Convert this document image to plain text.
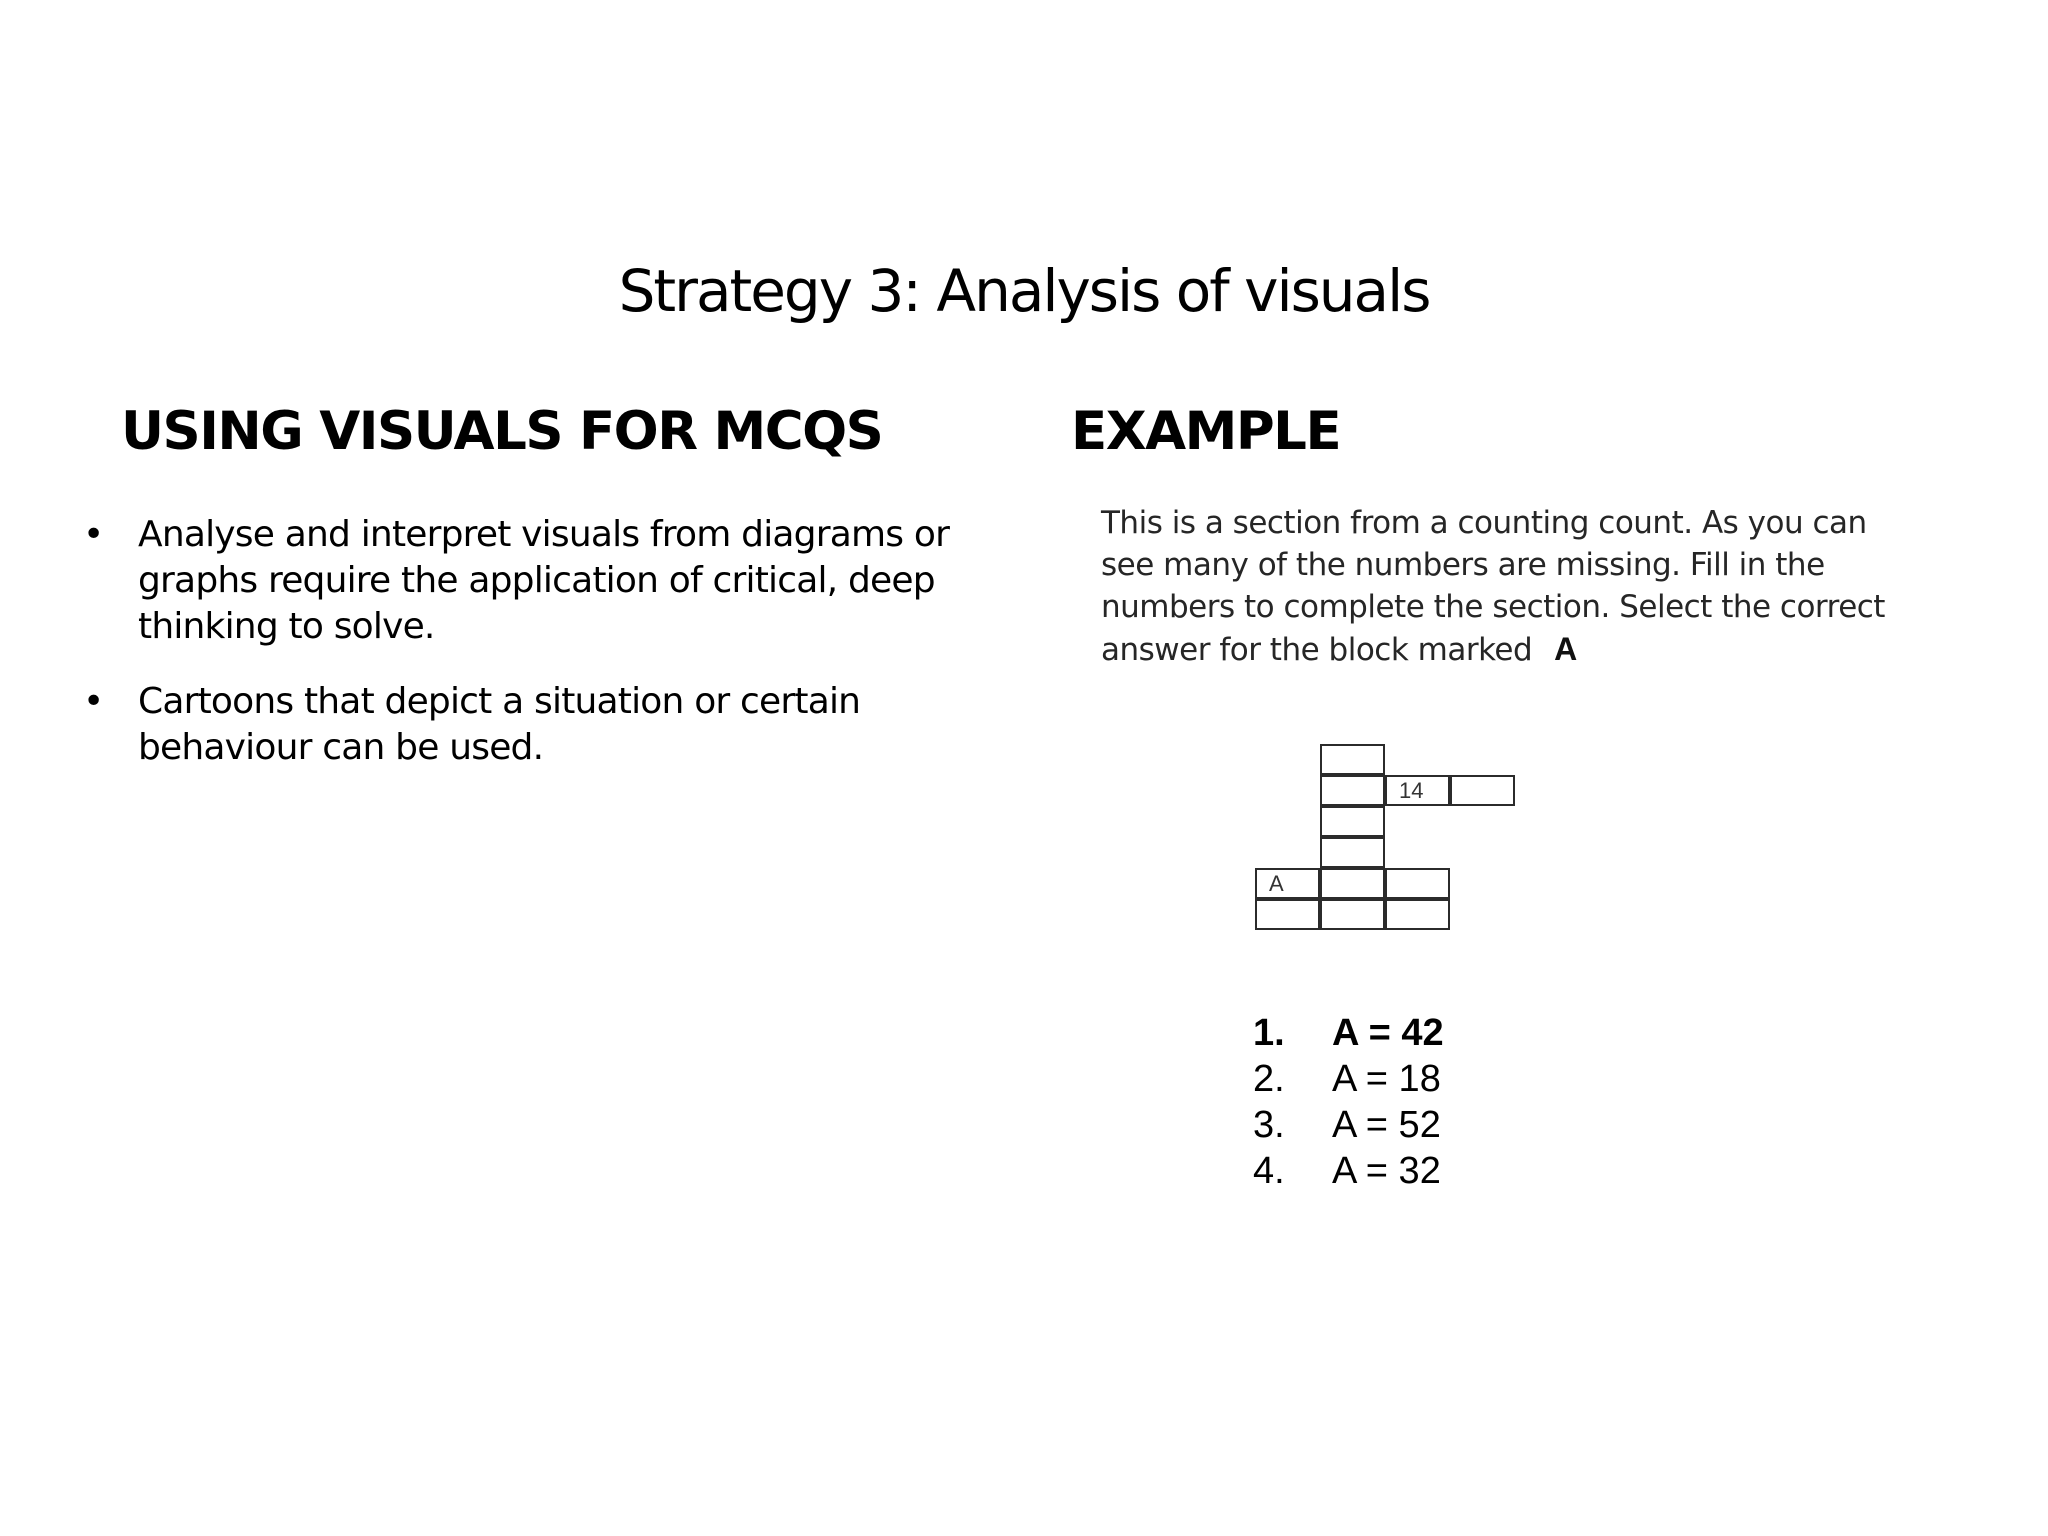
Strategy 3: Analysis of visuals
USING VISUALS FOR MCQS	EXAMPLE
• Analyse and interpret visuals from diagrams or graphs require the application of critical, deep thinking to solve.
• Cartoons that depict a situation or certain behaviour can be used.
This is a section from a counting count. As you can see many of the numbers are missing. Fill in the numbers to complete the section. Select the correct answer for the block marked A
14
A
1. A = 42
2. A = 18
3. A = 52
4. A = 32
